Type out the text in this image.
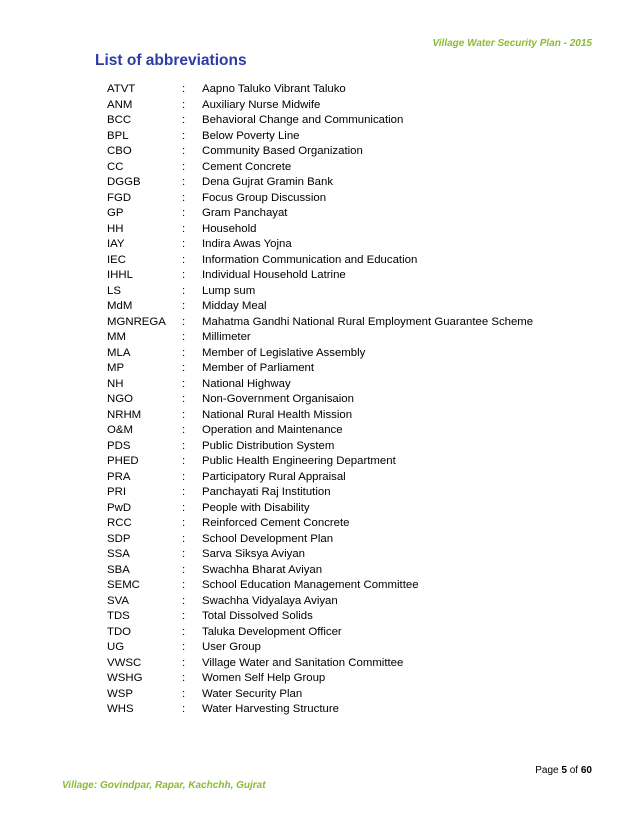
Village Water Security Plan - 2015
List of abbreviations
ATVT	: Aapno Taluko Vibrant Taluko
ANM	: Auxiliary Nurse Midwife
BCC	: Behavioral Change and Communication
BPL	: Below Poverty Line
CBO	: Community Based Organization
CC	: Cement Concrete
DGGB	: Dena Gujrat Gramin Bank
FGD	: Focus Group Discussion
GP	: Gram Panchayat
HH	: Household
IAY	: Indira Awas Yojna
IEC	: Information Communication and Education
IHHL	: Individual Household Latrine
LS	: Lump sum
MdM	: Midday Meal
MGNREGA	: Mahatma Gandhi National Rural Employment Guarantee Scheme
MM	: Millimeter
MLA	: Member of Legislative Assembly
MP	: Member of Parliament
NH	: National Highway
NGO	: Non-Government Organisaion
NRHM	: National Rural Health Mission
O&M	: Operation and Maintenance
PDS	: Public Distribution System
PHED	: Public Health Engineering Department
PRA	: Participatory Rural Appraisal
PRI	: Panchayati Raj Institution
PwD	: People with Disability
RCC	: Reinforced Cement Concrete
SDP	: School Development Plan
SSA	: Sarva Siksya Aviyan
SBA	: Swachha Bharat Aviyan
SEMC	: School Education Management Committee
SVA	: Swachha Vidyalaya Aviyan
TDS	: Total Dissolved Solids
TDO	: Taluka Development Officer
UG	: User Group
VWSC	: Village Water and Sanitation Committee
WSHG	: Women Self Help Group
WSP	: Water Security Plan
WHS	: Water Harvesting Structure
Page 5 of 60
Village: Govindpar, Rapar, Kachchh, Gujrat
